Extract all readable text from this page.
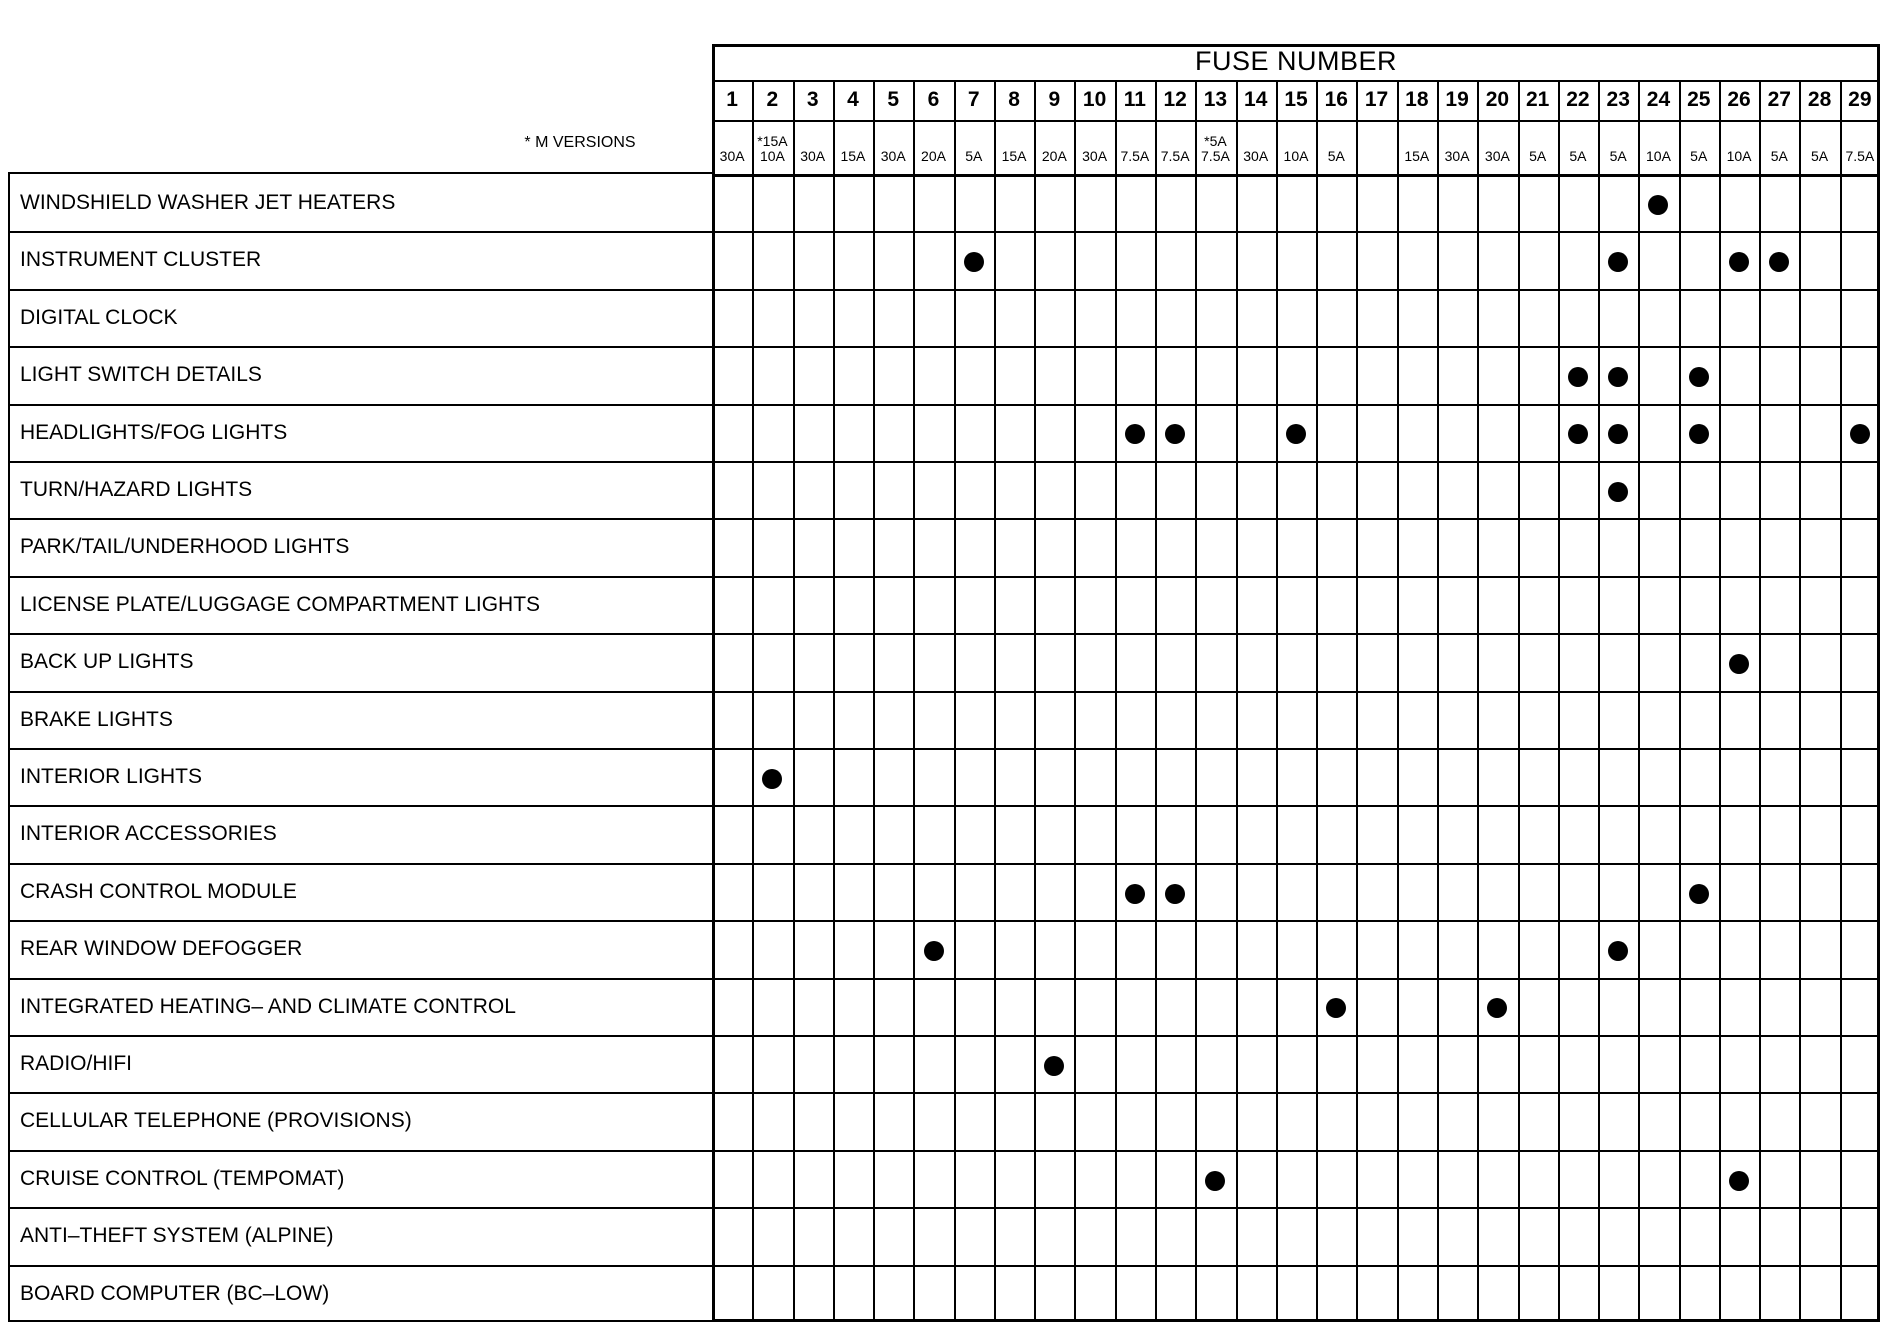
FUSE NUMBER
* M VERSIONS
1
30A
2
*15A
10A
3
30A
4
15A
5
30A
6
20A
7
5A
8
15A
9
20A
10
30A
11
7.5A
12
7.5A
13
*5A
7.5A
14
30A
15
10A
16
5A
17 18
15A
19
30A
20
30A
21
5A
22
5A
23
5A
24
10A
25
5A
26
10A
27
5A
28
5A
29
7.5A
WINDSHIELD WASHER JET HEATERS
INSTRUMENT CLUSTER
DIGITAL CLOCK
LIGHT SWITCH DETAILS
HEADLIGHTS/FOG LIGHTS
TURN/HAZARD LIGHTS
PARK/TAIL/UNDERHOOD LIGHTS
LICENSE PLATE/LUGGAGE COMPARTMENT LIGHTS
BACK UP LIGHTS
BRAKE LIGHTS
INTERIOR LIGHTS
INTERIOR ACCESSORIES
CRASH CONTROL MODULE
REAR WINDOW DEFOGGER
INTEGRATED HEATING– AND CLIMATE CONTROL
RADIO/HIFI
CELLULAR TELEPHONE (PROVISIONS)
CRUISE CONTROL (TEMPOMAT)
ANTI–THEFT SYSTEM (ALPINE)
BOARD COMPUTER (BC–LOW)
